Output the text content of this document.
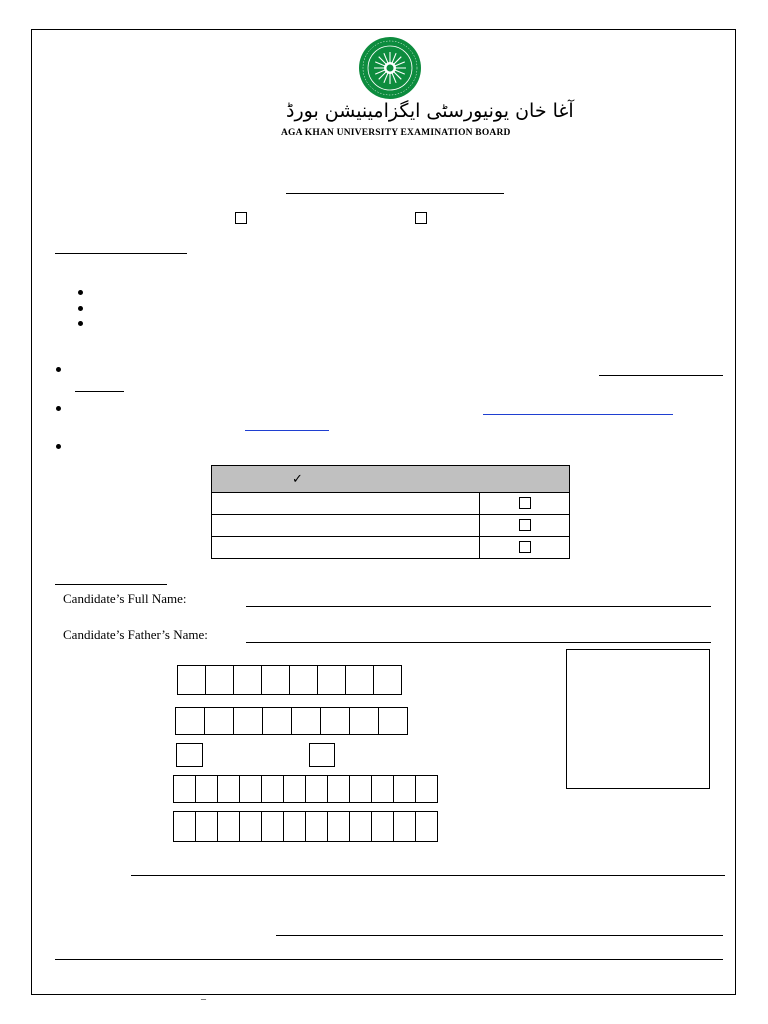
آغا خان یونیورسٹی ایگزامینیشن بورڈ
AGA KHAN UNIVERSITY EXAMINATION BOARD
✓	

Candidate’s Full Name:
Candidate’s Father’s Name:
–
